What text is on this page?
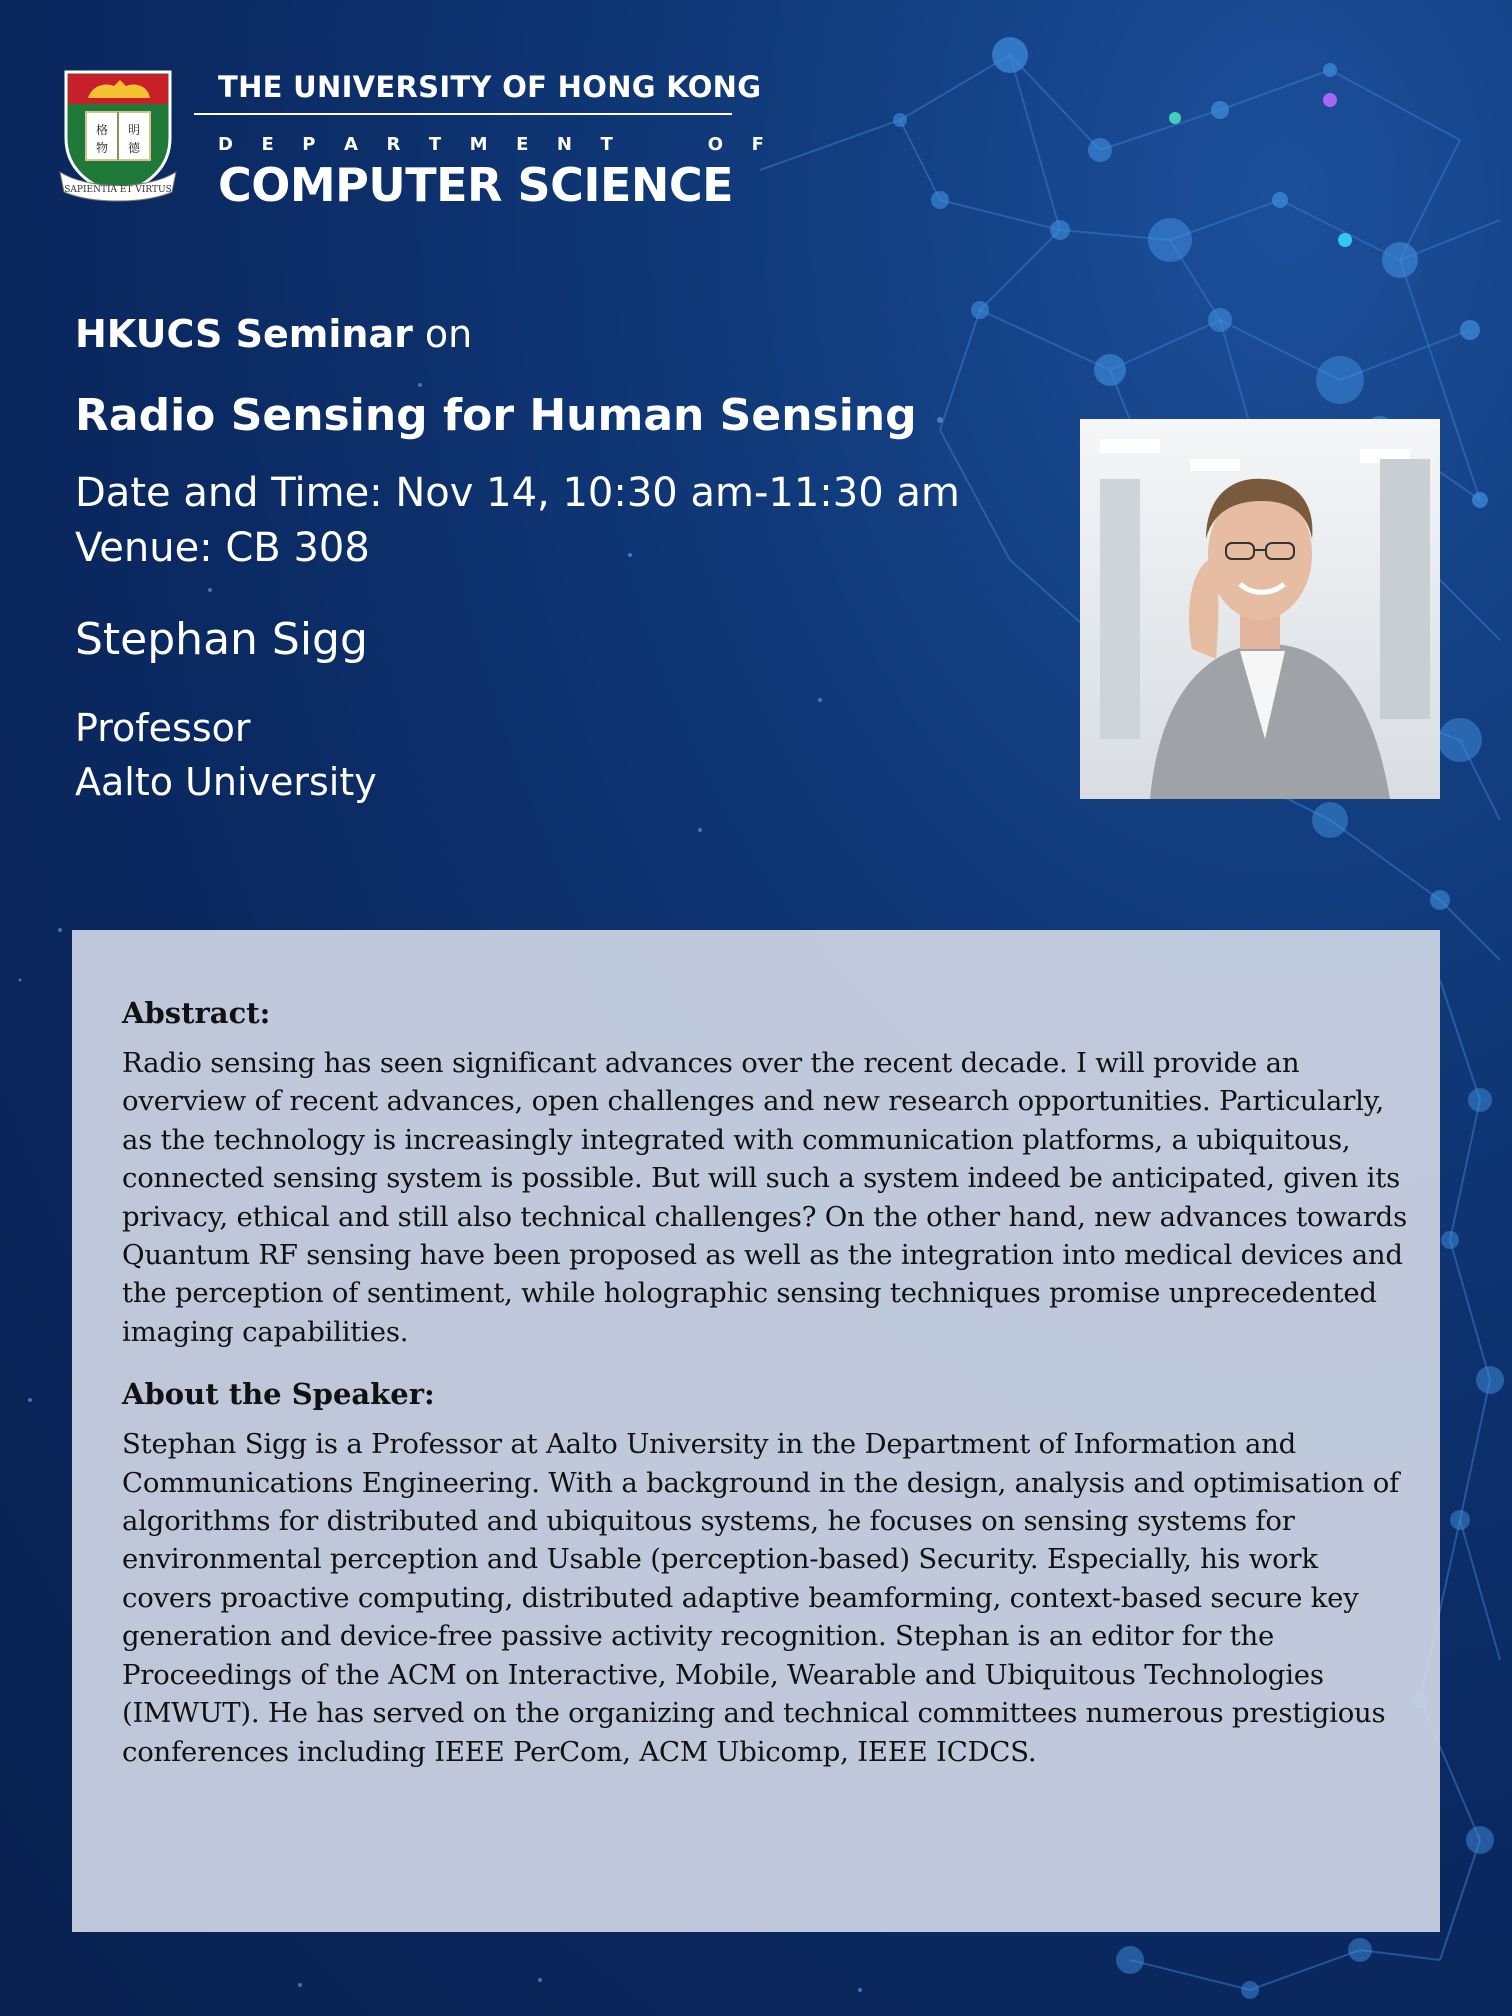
格 明
物 德
SAPIENTIA ET VIRTUS
THE UNIVERSITY OF HONG KONG
D E P A R T M E N T	O F
COMPUTER SCIENCE
HKUCS Seminar on
Radio Sensing for Human Sensing
Date and Time: Nov 14, 10:30 am-11:30 am
Venue: CB 308
Stephan Sigg
Professor
Aalto University
Abstract:

Radio sensing has seen significant advances over the recent decade. I will provide an overview of recent advances, open challenges and new research opportunities. Particularly, as the technology is increasingly integrated with communication platforms, a ubiquitous, connected sensing system is possible. But will such a system indeed be anticipated, given its privacy, ethical and still also technical challenges? On the other hand, new advances towards Quantum RF sensing have been proposed as well as the integration into medical devices and the perception of sentiment, while holographic sensing techniques promise unprecedented imaging capabilities.

About the Speaker:

Stephan Sigg is a Professor at Aalto University in the Department of Information and Communications Engineering. With a background in the design, analysis and optimisation of algorithms for distributed and ubiquitous systems, he focuses on sensing systems for environmental perception and Usable (perception-based) Security. Especially, his work covers proactive computing, distributed adaptive beamforming, context-based secure key generation and device-free passive activity recognition. Stephan is an editor for the Proceedings of the ACM on Interactive, Mobile, Wearable and Ubiquitous Technologies (IMWUT). He has served on the organizing and technical committees numerous prestigious conferences including IEEE PerCom, ACM Ubicomp, IEEE ICDCS.
